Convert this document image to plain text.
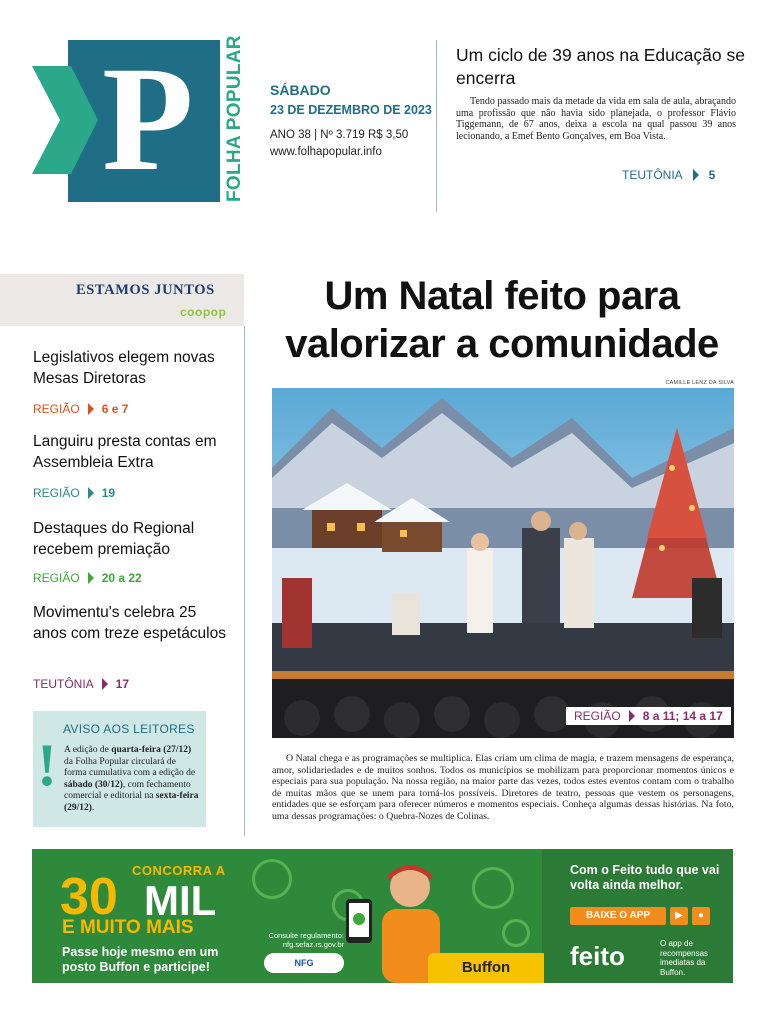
P FOLHA POPULAR SÁBADO
23 DE DEZEMBRO DE 2023
ANO 38 | Nº 3.719 R$ 3,50
www.folhapopular.info
Um ciclo de 39 anos na Educação se encerra
Tendo passado mais da metade da vida em sala de aula, abraçando uma profissão que não havia sido planejada, o professor Flávio Tiggemann, de 67 anos, deixa a escola na qual passou 39 anos lecionando, a Emef Bento Gonçalves, em Boa Vista.
TEUTÔNIA 5
ESTAMOS JUNTOS
coopop
Legislativos elegem novas Mesas Diretoras
REGIÃO 6 e 7
Languiru presta contas em Assembleia Extra
REGIÃO 19
Destaques do Regional recebem premiação
REGIÃO 20 a 22
Movimentu's celebra 25 anos com treze espetáculos
TEUTÔNIA 17
AVISO AOS LEITORES
! A edição de quarta-feira (27/12) da Folha Popular circulará de forma cumulativa com a edição de sábado (30/12), com fechamento comercial e editorial na sexta-feira (29/12).
Um Natal feito para valorizar a comunidade
CAMILLE LENZ DA SILVA
REGIÃO 8 a 11; 14 a 17
O Natal chega e as programações se multiplica. Elas criam um clima de magia, e trazem mensagens de esperança, amor, solidariedades e de muitos sonhos. Todos os municípios se mobilizam para proporcionar momentos únicos e especiais para sua população. Na nossa região, na maior parte das vezes, todos estes eventos contam com o trabalho de muitas mãos que se unem para torná-los possíveis. Diretores de teatro, pessoas que vestem os personagens, entidades que se esforçam para oferecer números e momentos especiais. Conheça algumas dessas histórias. Na foto, uma dessas programações: o Quebra-Nozes de Colinas.
CONCORRA A
30 MIL
E MUITO MAIS
Passe hoje mesmo em um posto Buffon e participe!
Consulte regulamento: nfg.sefaz.rs.gov.br
NFG	Buffon
Com o Feito tudo que vai volta ainda melhor.
BAIXE O APP	▶	●
feito	O app de recompensas imediatas da Buffon.
